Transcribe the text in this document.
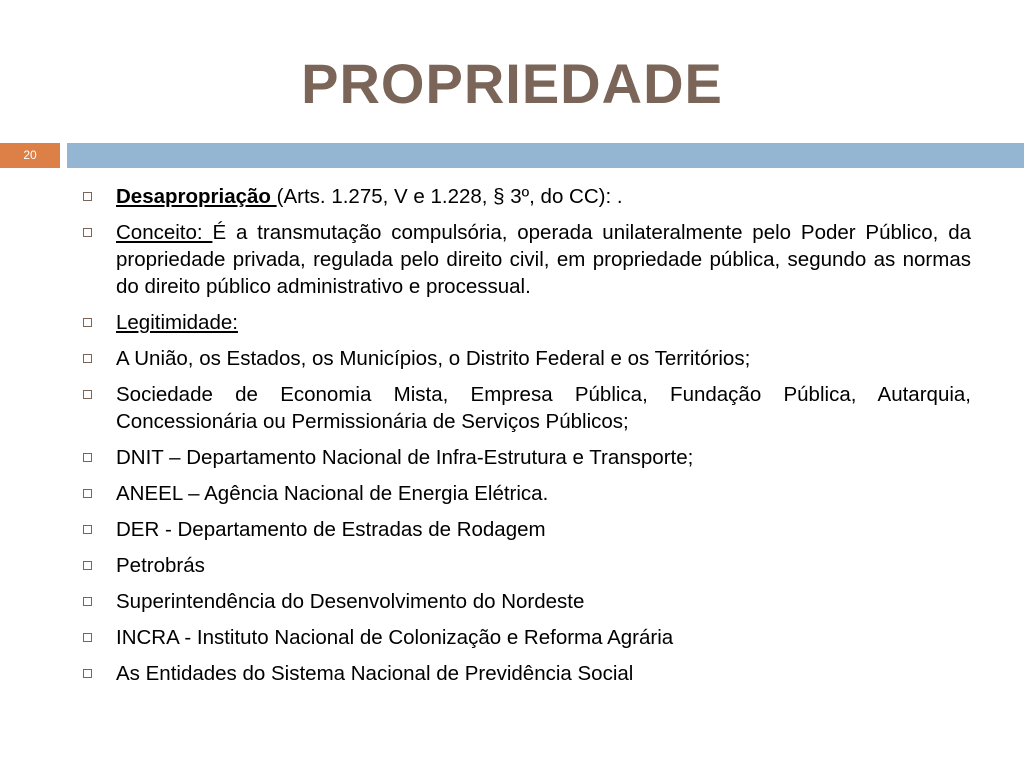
PROPRIEDADE
20
Desapropriação (Arts. 1.275, V e 1.228, § 3º, do CC): .
Conceito: É a transmutação compulsória, operada unilateralmente pelo Poder Público, da propriedade privada, regulada pelo direito civil, em propriedade pública, segundo as normas do direito público administrativo e processual.
Legitimidade:
A União, os Estados, os Municípios, o Distrito Federal e os Territórios;
Sociedade de Economia Mista, Empresa Pública, Fundação Pública, Autarquia, Concessionária ou Permissionária de Serviços Públicos;
DNIT – Departamento Nacional de Infra-Estrutura e Transporte;
ANEEL – Agência Nacional de Energia Elétrica.
DER - Departamento de Estradas de Rodagem
Petrobrás
Superintendência do Desenvolvimento do Nordeste
INCRA - Instituto Nacional de Colonização e Reforma Agrária
As Entidades do Sistema Nacional de Previdência Social
